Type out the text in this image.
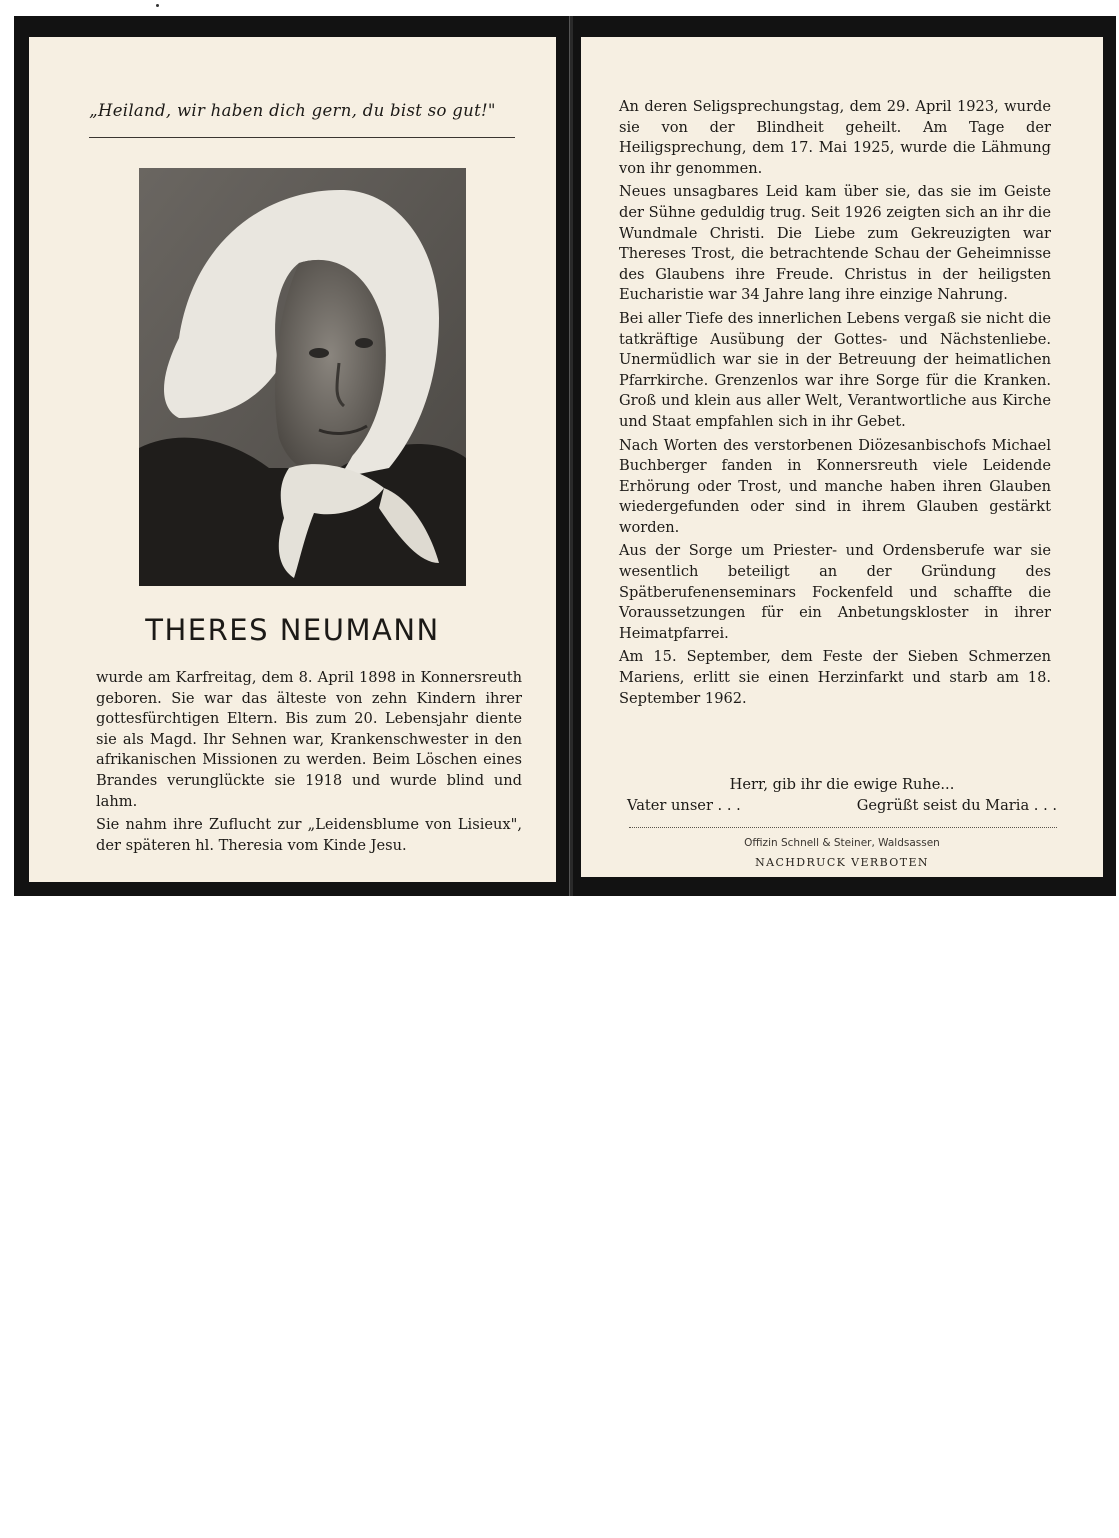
„Heiland, wir haben dich gern, du bist so gut!"
THERES NEUMANN

wurde am Karfreitag, dem 8. April 1898 in Konnersreuth geboren. Sie war das älteste von zehn Kindern ihrer gottesfürchtigen Eltern. Bis zum 20. Lebensjahr diente sie als Magd. Ihr Sehnen war, Krankenschwester in den afrikanischen Missionen zu werden. Beim Löschen eines Brandes verunglückte sie 1918 und wurde blind und lahm.

Sie nahm ihre Zuflucht zur „Leidensblume von Lisieux", der späteren hl. Theresia vom Kinde Jesu.

An deren Seligsprechungstag, dem 29. April 1923, wurde sie von der Blindheit geheilt. Am Tage der Heiligsprechung, dem 17. Mai 1925, wurde die Lähmung von ihr genommen.

Neues unsagbares Leid kam über sie, das sie im Geiste der Sühne geduldig trug. Seit 1926 zeigten sich an ihr die Wundmale Christi. Die Liebe zum Gekreuzigten war Thereses Trost, die betrachtende Schau der Geheimnisse des Glaubens ihre Freude. Christus in der heiligsten Eucharistie war 34 Jahre lang ihre einzige Nahrung.

Bei aller Tiefe des innerlichen Lebens vergaß sie nicht die tatkräftige Ausübung der Gottes- und Nächstenliebe. Unermüdlich war sie in der Betreuung der heimatlichen Pfarrkirche. Grenzenlos war ihre Sorge für die Kranken. Groß und klein aus aller Welt, Verantwortliche aus Kirche und Staat empfahlen sich in ihr Gebet.

Nach Worten des verstorbenen Diözesanbischofs Michael Buchberger fanden in Konnersreuth viele Leidende Erhörung oder Trost, und manche haben ihren Glauben wiedergefunden oder sind in ihrem Glauben gestärkt worden.

Aus der Sorge um Priester- und Ordensberufe war sie wesentlich beteiligt an der Gründung des Spätberufenenseminars Fockenfeld und schaffte die Voraussetzungen für ein Anbetungskloster in ihrer Heimatpfarrei.

Am 15. September, dem Feste der Sieben Schmerzen Mariens, erlitt sie einen Herzinfarkt und starb am 18. September 1962.

Herr, gib ihr die ewige Ruhe...
Vater unser . . .	Gegrüßt seist du Maria . . .
Offizin Schnell & Steiner, Waldsassen
NACHDRUCK VERBOTEN
